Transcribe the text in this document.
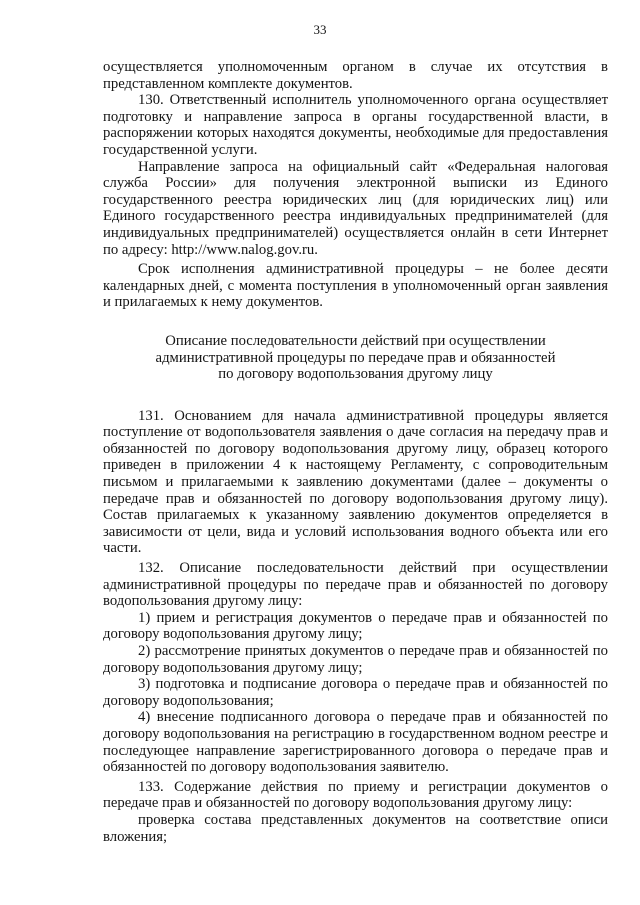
33

осуществляется уполномоченным органом в случае их отсутствия в представленном комплекте документов.

130. Ответственный исполнитель уполномоченного органа осуществляет подготовку и направление запроса в органы государственной власти, в распоряжении которых находятся документы, необходимые для предоставления государственной услуги.

Направление запроса на официальный сайт «Федеральная налоговая служба России» для получения электронной выписки из Единого государственного реестра юридических лиц (для юридических лиц) или Единого государственного реестра индивидуальных предпринимателей (для индивидуальных предпринимателей) осуществляется онлайн в сети Интернет по адресу: http://www.nalog.gov.ru.

Срок исполнения административной процедуры – не более десяти календарных дней, с момента поступления в уполномоченный орган заявления и прилагаемых к нему документов.

Описание последовательности действий при осуществлении
административной процедуры по передаче прав и обязанностей
по договору водопользования другому лицу

131. Основанием для начала административной процедуры является поступление от водопользователя заявления о даче согласия на передачу прав и обязанностей по договору водопользования другому лицу, образец которого приведен в приложении 4 к настоящему Регламенту, с сопроводительным письмом и прилагаемыми к заявлению документами (далее – документы о передаче прав и обязанностей по договору водопользования другому лицу). Состав прилагаемых к указанному заявлению документов определяется в зависимости от цели, вида и условий использования водного объекта или его части.

132. Описание последовательности действий при осуществлении административной процедуры по передаче прав и обязанностей по договору водопользования другому лицу:

1) прием и регистрация документов о передаче прав и обязанностей по договору водопользования другому лицу;

2) рассмотрение принятых документов о передаче прав и обязанностей по договору водопользования другому лицу;

3) подготовка и подписание договора о передаче прав и обязанностей по договору водопользования;

4) внесение подписанного договора о передаче прав и обязанностей по договору водопользования на регистрацию в государственном водном реестре и последующее направление зарегистрированного договора о передаче прав и обязанностей по договору водопользования заявителю.

133. Содержание действия по приему и регистрации документов о передаче прав и обязанностей по договору водопользования другому лицу:

проверка состава представленных документов на соответствие описи вложения;
